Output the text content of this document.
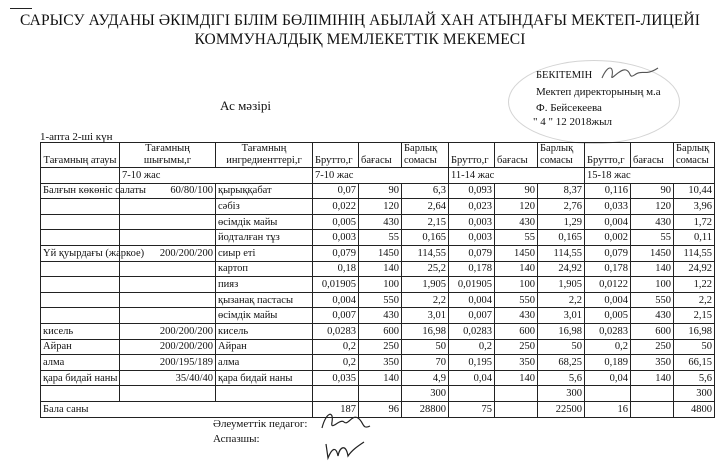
САРЫСУ АУДАНЫ ӘКІМДІГІ БІЛІМ БӨЛІМІНІҢ АБЫЛАЙ ХАН АТЫНДАҒЫ МЕКТЕП-ЛИЦЕЙІ
КОММУНАЛДЫҚ МЕМЛЕКЕТТІК МЕКЕМЕСІ
БЕКІТЕМІН
Мектеп директорының м.а
Ф. Бейсекеева
" 4 " 12 2018жыл
Ас мәзірі
1-апта 2-ші күн
Тағамның атауы	Тағамның шығымы,г	Тағамның ингредиенттері,г	Брутто,г	бағасы	Барлық сомасы	Брутто,г	бағасы	Барлық сомасы	Брутто,г	бағасы	Барлық сомасы

	7-10 жас		7-10 жас			11-14 жас			15-18 жас		
Балғын көкөніс салаты	60/80/100	қырыққабат	0,07	90	6,3	0,093	90	8,37	0,116	90	10,44
		сәбіз	0,022	120	2,64	0,023	120	2,76	0,033	120	3,96
		өсімдік майы	0,005	430	2,15	0,003	430	1,29	0,004	430	1,72
		йодталған тұз	0,003	55	0,165	0,003	55	0,165	0,002	55	0,11
Үй қуырдағы (жаркое)	200/200/200	сиыр еті	0,079	1450	114,55	0,079	1450	114,55	0,079	1450	114,55
		картоп	0,18	140	25,2	0,178	140	24,92	0,178	140	24,92
		пияз	0,01905	100	1,905	0,01905	100	1,905	0,0122	100	1,22
		қызанақ пастасы	0,004	550	2,2	0,004	550	2,2	0,004	550	2,2
		өсімдік майы	0,007	430	3,01	0,007	430	3,01	0,005	430	2,15
кисель	200/200/200	кисель	0,0283	600	16,98	0,0283	600	16,98	0,0283	600	16,98
Айран	200/200/200	Айран	0,2	250	50	0,2	250	50	0,2	250	50
алма	200/195/189	алма	0,2	350	70	0,195	350	68,25	0,189	350	66,15
қара бидай наны	35/40/40	қара бидай наны	0,035	140	4,9	0,04	140	5,6	0,04	140	5,6
					300			300			300
Бала саны			187	96	28800	75		22500	16		4800
Әлеуметтік педагог:
Аспазшы:
